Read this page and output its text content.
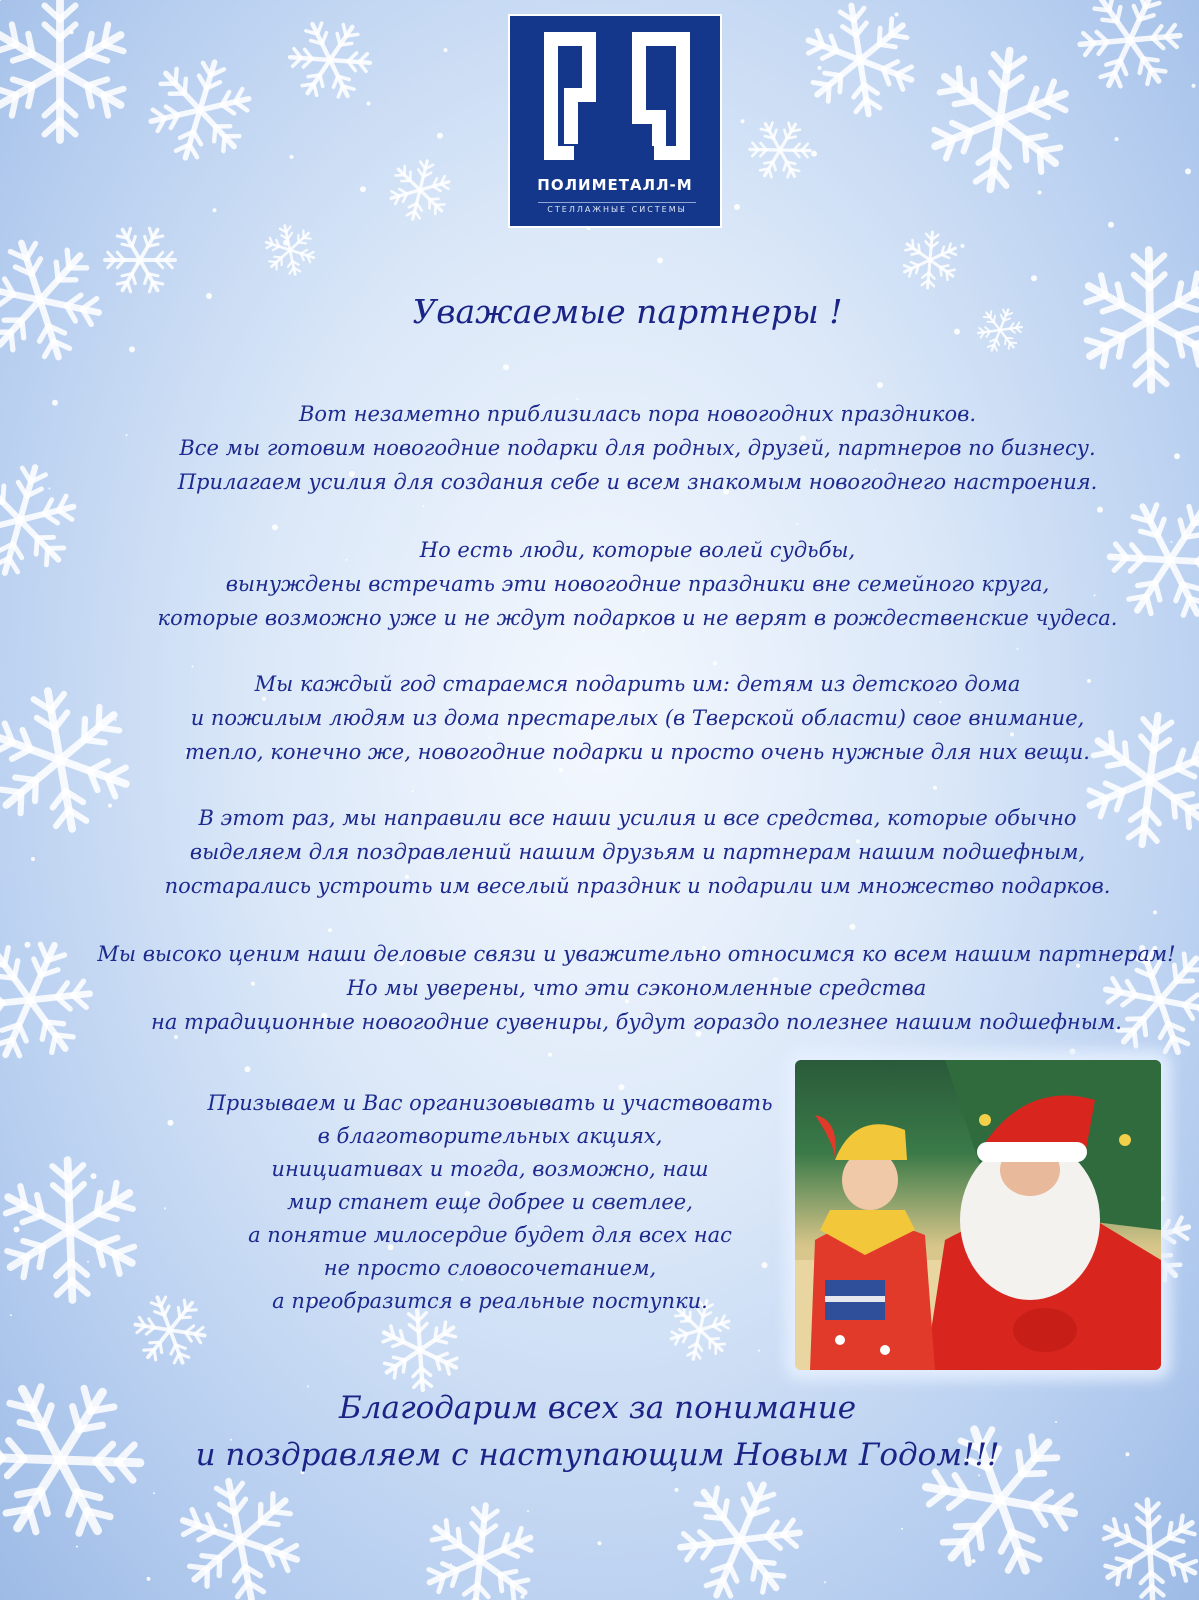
ПОЛИМЕТАЛЛ-М
СТЕЛЛАЖНЫЕ СИСТЕМЫ
Уважаемые партнеры !
Вот незаметно приблизилась пора новогодних праздников.
Все мы готовим новогодние подарки для родных, друзей, партнеров по бизнесу.
Прилагаем усилия для создания себе и всем знакомым новогоднего настроения.
Но есть люди, которые волей судьбы,
вынуждены встречать эти новогодние праздники вне семейного круга,
которые возможно уже и не ждут подарков и не верят в рождественские чудеса.
Мы каждый год стараемся подарить им: детям из детского дома
и пожилым людям из дома престарелых (в Тверской области) свое внимание,
тепло, конечно же, новогодние подарки и просто очень нужные для них вещи.
В этот раз, мы направили все наши усилия и все средства, которые обычно
выделяем для поздравлений нашим друзьям и партнерам нашим подшефным,
постарались устроить им веселый праздник и подарили им множество подарков.
Мы высоко ценим наши деловые связи и уважительно относимся ко всем нашим партнерам!
Но мы уверены, что эти сэкономленные средства
на традиционные новогодние сувениры, будут гораздо полезнее нашим подшефным.
Призываем и Вас организовывать и участвовать
в благотворительных акциях,
инициативах и тогда, возможно, наш
мир станет еще добрее и светлее,
а понятие милосердие будет для всех нас
не просто словосочетанием,
а преобразится в реальные поступки.
Благодарим всех за понимание
и поздравляем с наступающим Новым Годом!!!
